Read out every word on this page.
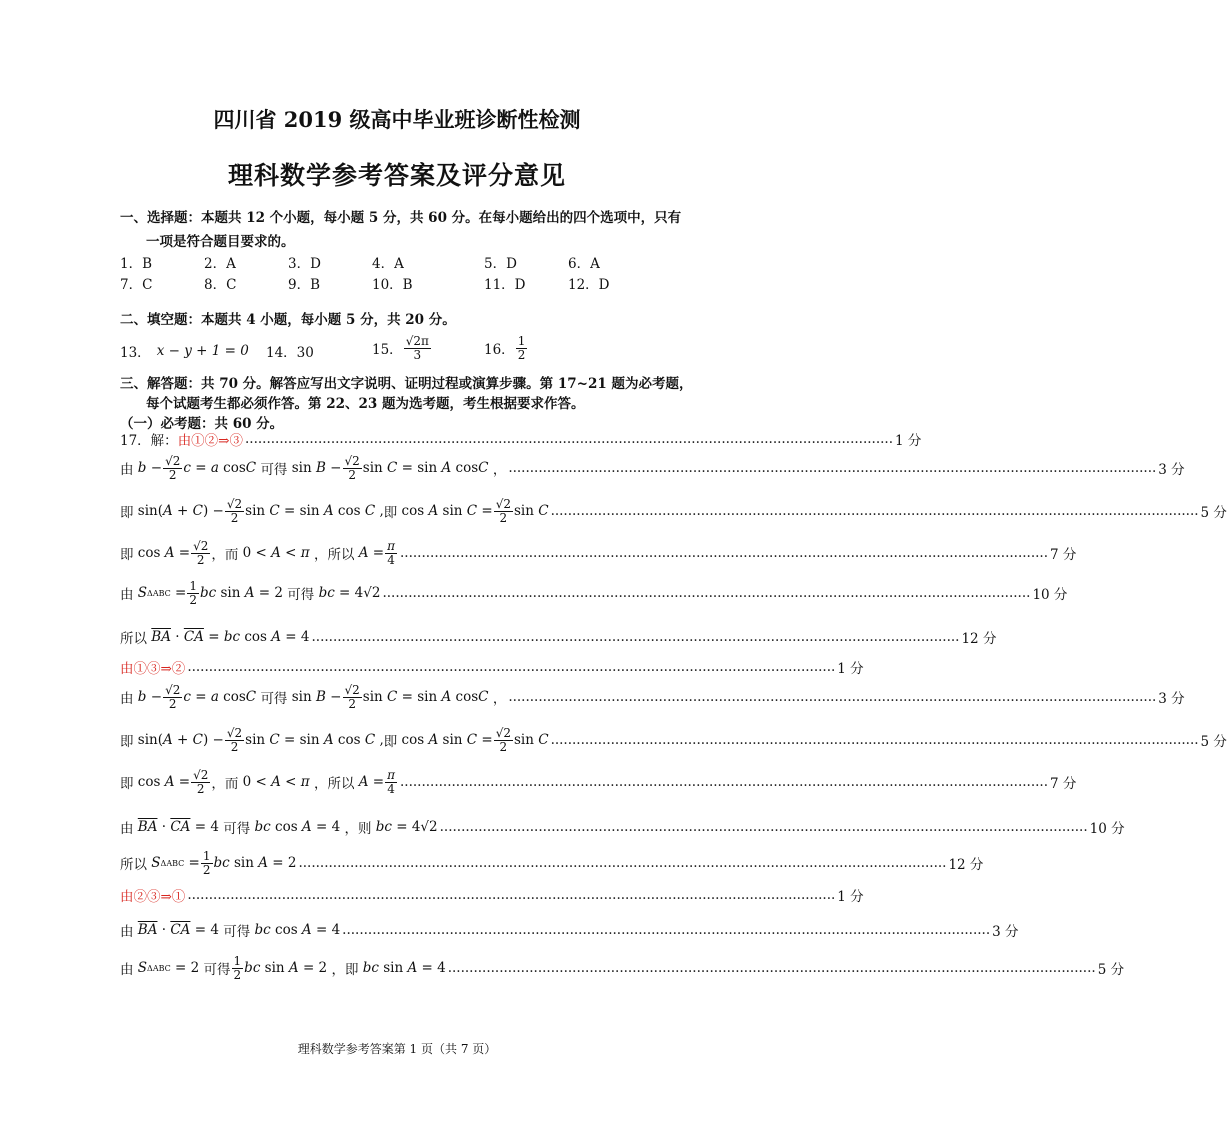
四川省 2019 级高中毕业班诊断性检测
理科数学参考答案及评分意见
一、选择题：本题共 12 个小题，每小题 5 分，共 60 分。在每小题给出的四个选项中，只有
一项是符合题目要求的。
1．B	2．A	3．D	4．A	5．D	6．A
7．C	8．C	9．B	10．B	11．D	12．D
二、填空题：本题共 4 小题，每小题 5 分，共 20 分。
13． x − y + 1 = 0 14．30	15． $\frac{√2\pi}{3}$	16． $\frac{1}{2}$
三、解答题：共 70 分。解答应写出文字说明、证明过程或演算步骤。第 17~21 题为必考题，
每个试题考生都必须作答。第 22、23 题为选考题，考生根据要求作答。
（一）必考题：共 60 分。
17．解： 由①②⇒③ ....................................................................................................................................................... 1 分
由
$b - \frac{√2}{2}$ c = a cos C
可得 $\sin B - \frac{√2}{2}$ sin C = sin A cos C
， ....................................................................................................................................................... 3 分
即 sin( A + C ) − $\frac{√2}{2}$ sin C = sin A cos C , 即 cos A $\sin C = \frac{√2}{2}$ sin C ....................................................................................................................................................... 5 分
即 $\cos A = \frac{√2}{2}$ ，而 0 < A < π
，所以
$A = \frac{\pi}{4}$ ....................................................................................................................................................... 7 分
由
S $\Delta ABC = \frac{1}{2}$ bc sin A = 2 可得
bc = 4√2 ....................................................................................................................................................... 10 分
所以
$\overline{BA} \cdot \overline{CA}$ = bc cos A = 4 ....................................................................................................................................................... 12 分
由①③⇒② ....................................................................................................................................................... 1 分
由
$b - \frac{√2}{2}$ c = a cos C
可得 $\sin B - \frac{√2}{2}$ sin C = sin A cos C
， ....................................................................................................................................................... 3 分
即 sin( A + C ) − $\frac{√2}{2}$ sin C = sin A cos C , 即 cos A $\sin C = \frac{√2}{2}$ sin C ....................................................................................................................................................... 5 分
即 $\cos A = \frac{√2}{2}$ ，而 0 < A < π
，所以
$A = \frac{\pi}{4}$ ....................................................................................................................................................... 7 分
由
$\overline{BA} \cdot \overline{CA} = 4$ 可得
bc cos A = 4 ，则
bc = 4√2 ....................................................................................................................................................... 10 分
所以
S $\Delta ABC = \frac{1}{2}$ bc sin A = 2 ....................................................................................................................................................... 12 分
由②③⇒① ....................................................................................................................................................... 1 分
由
$\overline{BA} \cdot \overline{CA} = 4$ 可得
bc cos A = 4 ....................................................................................................................................................... 3 分
由
S ΔABC = 2 可得 $\frac{1}{2}$ bc sin A = 2 ， 即
bc sin A = 4 ....................................................................................................................................................... 5 分
理科数学参考答案第 1 页（共 7 页）
